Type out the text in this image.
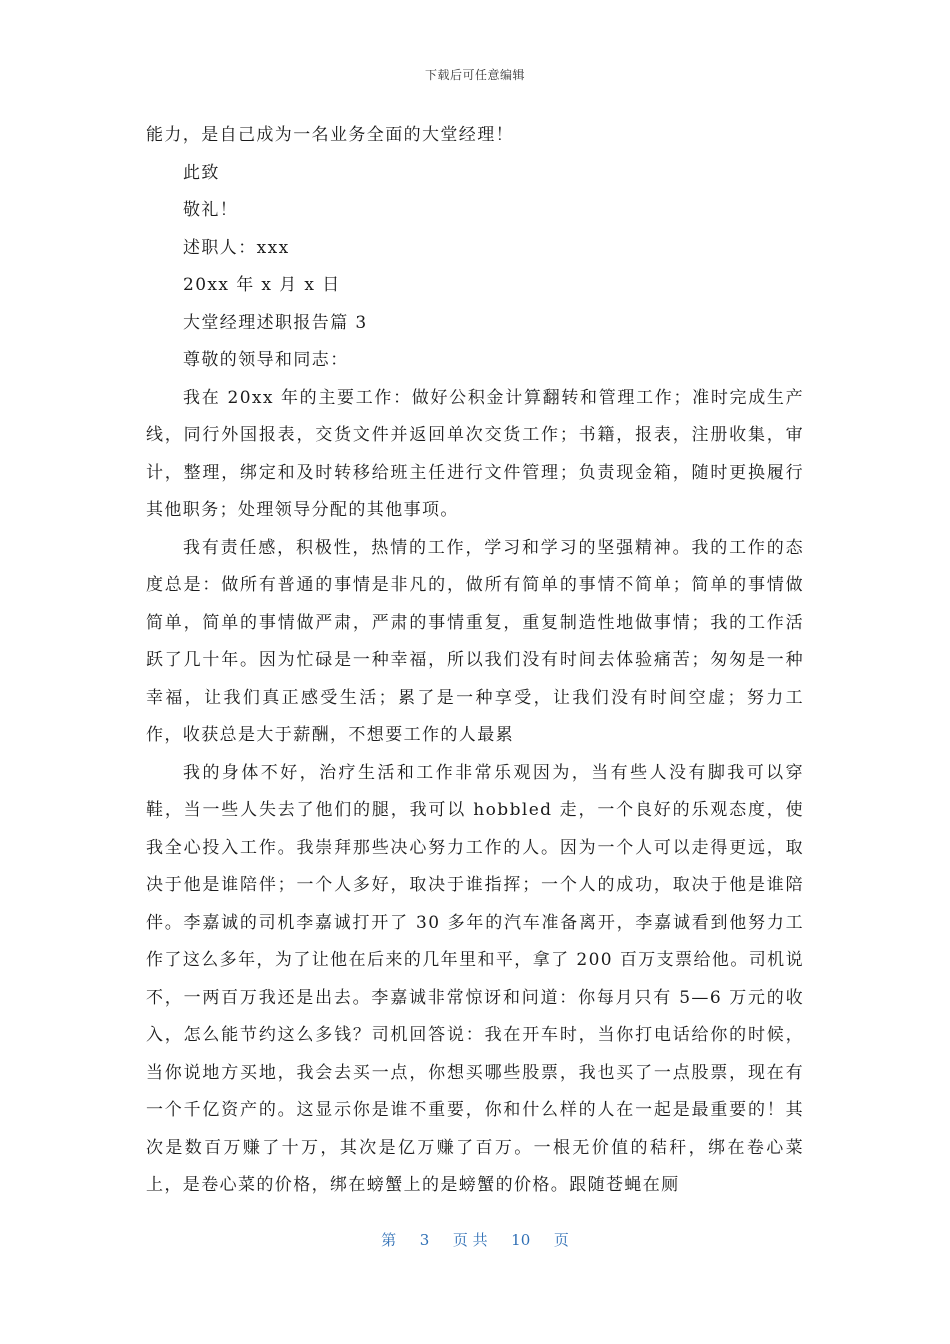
下载后可任意编辑

能力，是自己成为一名业务全面的大堂经理！

此致

敬礼！

述职人：xxx

20xx 年 x 月 x 日

大堂经理述职报告篇 3

尊敬的领导和同志：

我在 20xx 年的主要工作：做好公积金计算翻转和管理工作；准时完成生产线，同行外国报表，交货文件并返回单次交货工作；书籍，报表，注册收集，审计，整理，绑定和及时转移给班主任进行文件管理；负责现金箱，随时更换履行其他职务；处理领导分配的其他事项。

我有责任感，积极性，热情的工作，学习和学习的坚强精神。我的工作的态度总是：做所有普通的事情是非凡的，做所有简单的事情不简单；简单的事情做简单，简单的事情做严肃，严肃的事情重复，重复制造性地做事情；我的工作活跃了几十年。因为忙碌是一种幸福，所以我们没有时间去体验痛苦；匆匆是一种幸福，让我们真正感受生活；累了是一种享受，让我们没有时间空虚；努力工作，收获总是大于薪酬，不想要工作的人最累

我的身体不好，治疗生活和工作非常乐观因为，当有些人没有脚我可以穿鞋，当一些人失去了他们的腿，我可以 hobbled 走，一个良好的乐观态度，使我全心投入工作。我崇拜那些决心努力工作的人。因为一个人可以走得更远，取决于他是谁陪伴；一个人多好，取决于谁指挥；一个人的成功，取决于他是谁陪伴。李嘉诚的司机李嘉诚打开了 30 多年的汽车准备离开，李嘉诚看到他努力工作了这么多年，为了让他在后来的几年里和平，拿了 200 百万支票给他。司机说不，一两百万我还是出去。李嘉诚非常惊讶和问道：你每月只有 5—6 万元的收入，怎么能节约这么多钱？司机回答说：我在开车时，当你打电话给你的时候，当你说地方买地，我会去买一点，你想买哪些股票，我也买了一点股票，现在有一个千亿资产的。这显示你是谁不重要，你和什么样的人在一起是最重要的！其次是数百万赚了十万，其次是亿万赚了百万。一根无价值的秸秆，绑在卷心菜上，是卷心菜的价格，绑在螃蟹上的是螃蟹的价格。跟随苍蝇在厕

第 3 页 共 10 页
